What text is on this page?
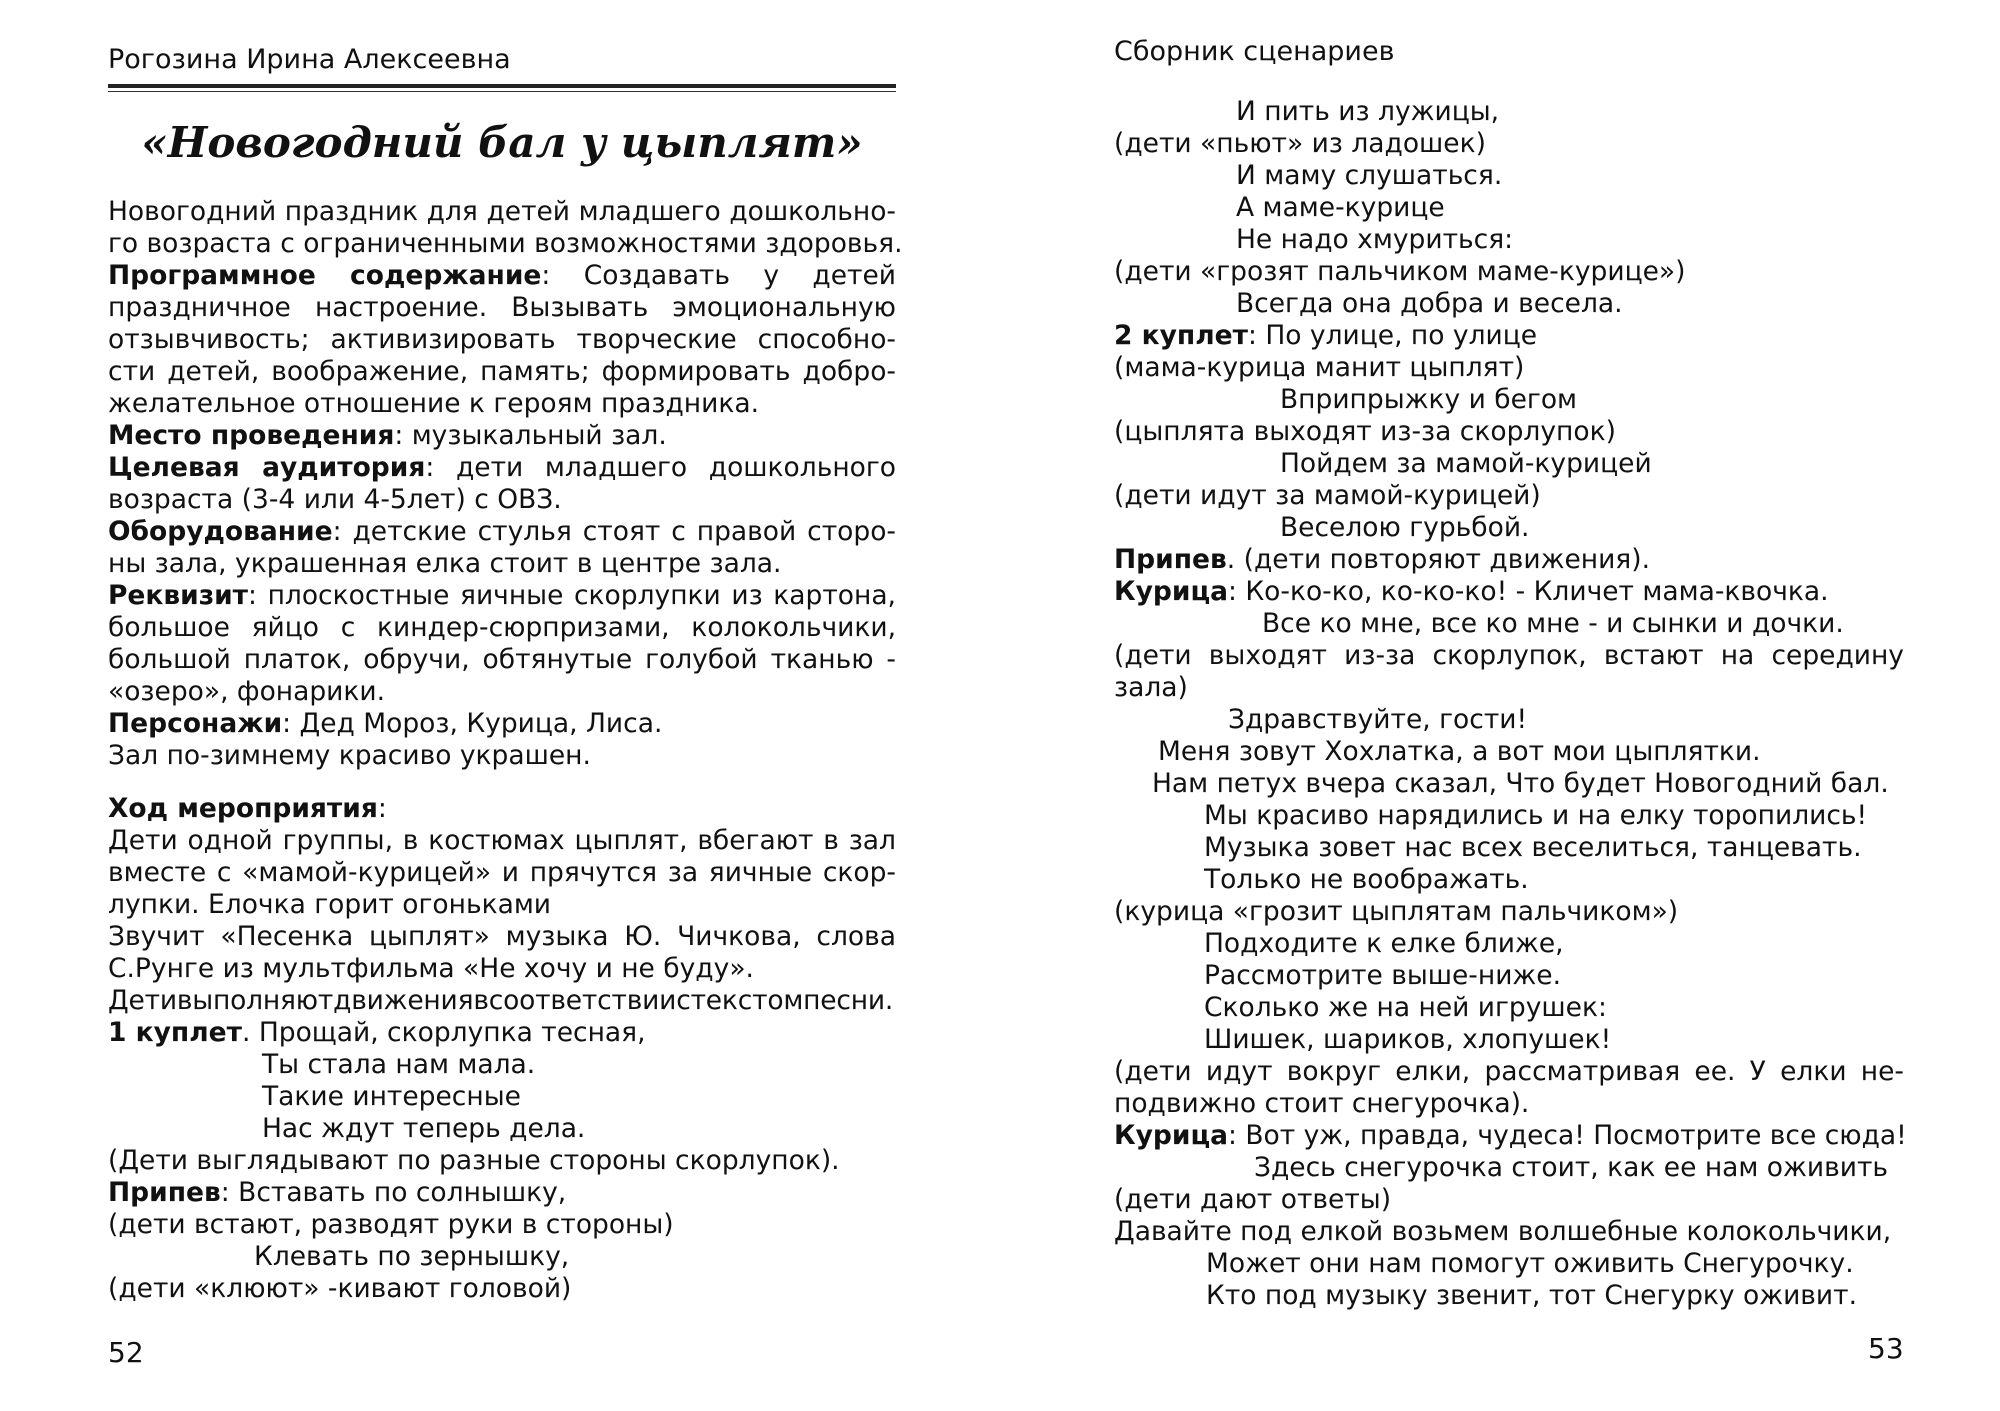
Рогозина Ирина Алексеевна
«Новогодний бал у цыплят»
Новогодний праздник для детей младшего дошкольно-
го возраста с ограниченными возможностями здоровья.
Программное содержание: Создавать у детей
праздничное настроение. Вызывать эмоциональную
отзывчивость; активизировать творческие способно-
сти детей, воображение, память; формировать добро-
желательное отношение к героям праздника.
Место проведения: музыкальный зал.
Целевая аудитория: дети младшего дошкольного
возраста (3-4 или 4-5лет) с ОВЗ.
Оборудование: детские стулья стоят с правой сторо-
ны зала, украшенная елка стоит в центре зала.
Реквизит: плоскостные яичные скорлупки из картона,
большое яйцо с киндер-сюрпризами, колокольчики,
большой платок, обручи, обтянутые голубой тканью -
«озеро», фонарики.
Персонажи: Дед Мороз, Курица, Лиса.
Зал по-зимнему красиво украшен.
Ход мероприятия:
Дети одной группы, в костюмах цыплят, вбегают в зал
вместе с «мамой-курицей» и прячутся за яичные скор-
лупки. Елочка горит огоньками
Звучит «Песенка цыплят» музыка Ю. Чичкова, слова
С.Рунге из мультфильма «Не хочу и не буду».
Детивыполняютдвижениявсоответствиистекстомпесни.
1 куплет. Прощай, скорлупка тесная,
Ты стала нам мала.
Такие интересные
Нас ждут теперь дела.
(Дети выглядывают по разные стороны скорлупок).
Припев: Вставать по солнышку,
(дети встают, разводят руки в стороны)
Клевать по зернышку,
(дети «клюют» -кивают головой)
52
Сборник сценариев
И пить из лужицы,
(дети «пьют» из ладошек)
И маму слушаться.
А маме-курице
Не надо хмуриться:
(дети «грозят пальчиком маме-курице»)
Всегда она добра и весела.
2 куплет: По улице, по улице
(мама-курица манит цыплят)
Вприпрыжку и бегом
(цыплята выходят из-за скорлупок)
Пойдем за мамой-курицей
(дети идут за мамой-курицей)
Веселою гурьбой.
Припев. (дети повторяют движения).
Курица: Ко-ко-ко, ко-ко-ко! - Кличет мама-квочка.
Все ко мне, все ко мне - и сынки и дочки.
(дети выходят из-за скорлупок, встают на середину
зала)
Здравствуйте, гости!
Меня зовут Хохлатка, а вот мои цыплятки.
Нам петух вчера сказал, Что будет Новогодний бал.
Мы красиво нарядились и на елку торопились!
Музыка зовет нас всех веселиться, танцевать.
Только не воображать.
(курица «грозит цыплятам пальчиком»)
Подходите к елке ближе,
Рассмотрите выше-ниже.
Сколько же на ней игрушек:
Шишек, шариков, хлопушек!
(дети идут вокруг елки, рассматривая ее. У елки не-
подвижно стоит снегурочка).
Курица: Вот уж, правда, чудеса! Посмотрите все сюда!
Здесь снегурочка стоит, как ее нам оживить
(дети дают ответы)
Давайте под елкой возьмем волшебные колокольчики,
Может они нам помогут оживить Снегурочку.
Кто под музыку звенит, тот Снегурку оживит.
53
